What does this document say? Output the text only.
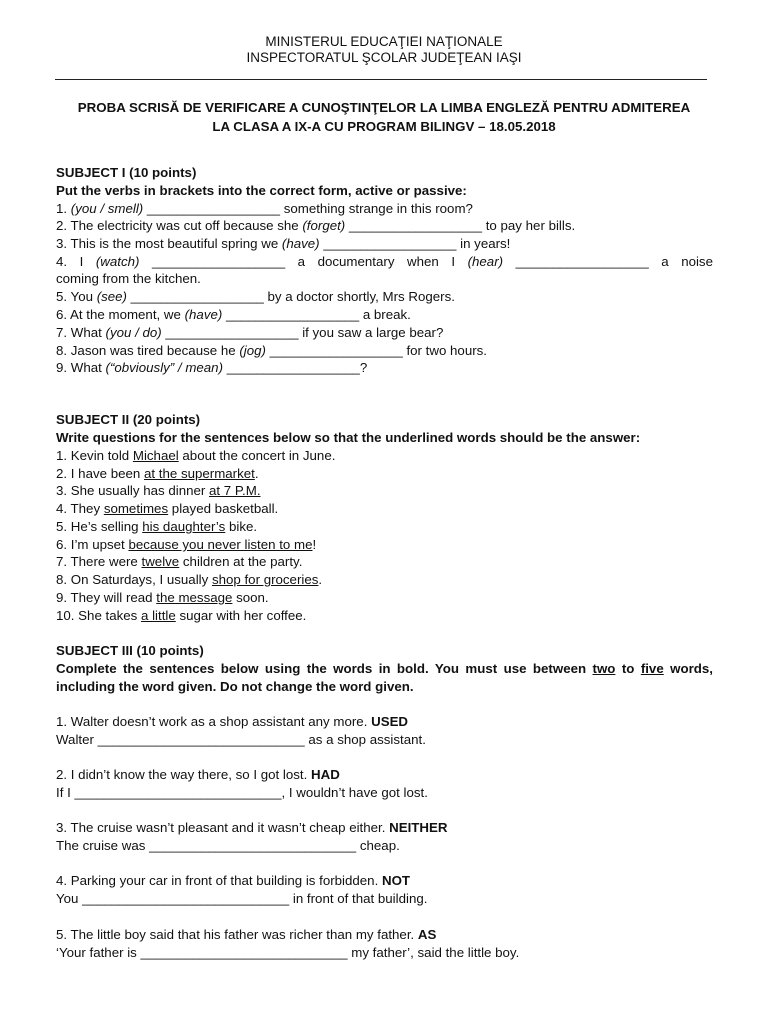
MINISTERUL EDUCAŢIEI NAŢIONALE
INSPECTORATUL ŞCOLAR JUDEŢEAN IAŞI
PROBA SCRISĂ DE VERIFICARE A CUNOŞTINŢELOR LA LIMBA ENGLEZĂ PENTRU ADMITEREA
LA CLASA A IX-A CU PROGRAM BILINGV – 18.05.2018
SUBJECT I (10 points)
Put the verbs in brackets into the correct form, active or passive:
1. (you / smell) __________________ something strange in this room?
2. The electricity was cut off because she (forget) __________________ to pay her bills.
3. This is the most beautiful spring we (have) __________________ in years!
4. I (watch) __________________ a documentary when I (hear) __________________ a noise
coming from the kitchen.
5. You (see) __________________ by a doctor shortly, Mrs Rogers.
6. At the moment, we (have) __________________ a break.
7. What (you / do) __________________ if you saw a large bear?
8. Jason was tired because he (jog) __________________ for two hours.
9. What (“obviously” / mean) __________________?
SUBJECT II (20 points)
Write questions for the sentences below so that the underlined words should be the answer:
1. Kevin told Michael about the concert in June.
2. I have been at the supermarket.
3. She usually has dinner at 7 P.M.
4. They sometimes played basketball.
5. He’s selling his daughter’s bike.
6. I’m upset because you never listen to me!
7. There were twelve children at the party.
8. On Saturdays, I usually shop for groceries.
9. They will read the message soon.
10. She takes a little sugar with her coffee.
SUBJECT III (10 points)
Complete the sentences below using the words in bold. You must use between two to five words,
including the word given. Do not change the word given.
1. Walter doesn’t work as a shop assistant any more. USED
Walter ____________________________ as a shop assistant.
2. I didn’t know the way there, so I got lost. HAD
If I ____________________________, I wouldn’t have got lost.
3. The cruise wasn’t pleasant and it wasn’t cheap either. NEITHER
The cruise was ____________________________ cheap.
4. Parking your car in front of that building is forbidden. NOT
You ____________________________ in front of that building.
5. The little boy said that his father was richer than my father. AS
‘Your father is ____________________________ my father’, said the little boy.
